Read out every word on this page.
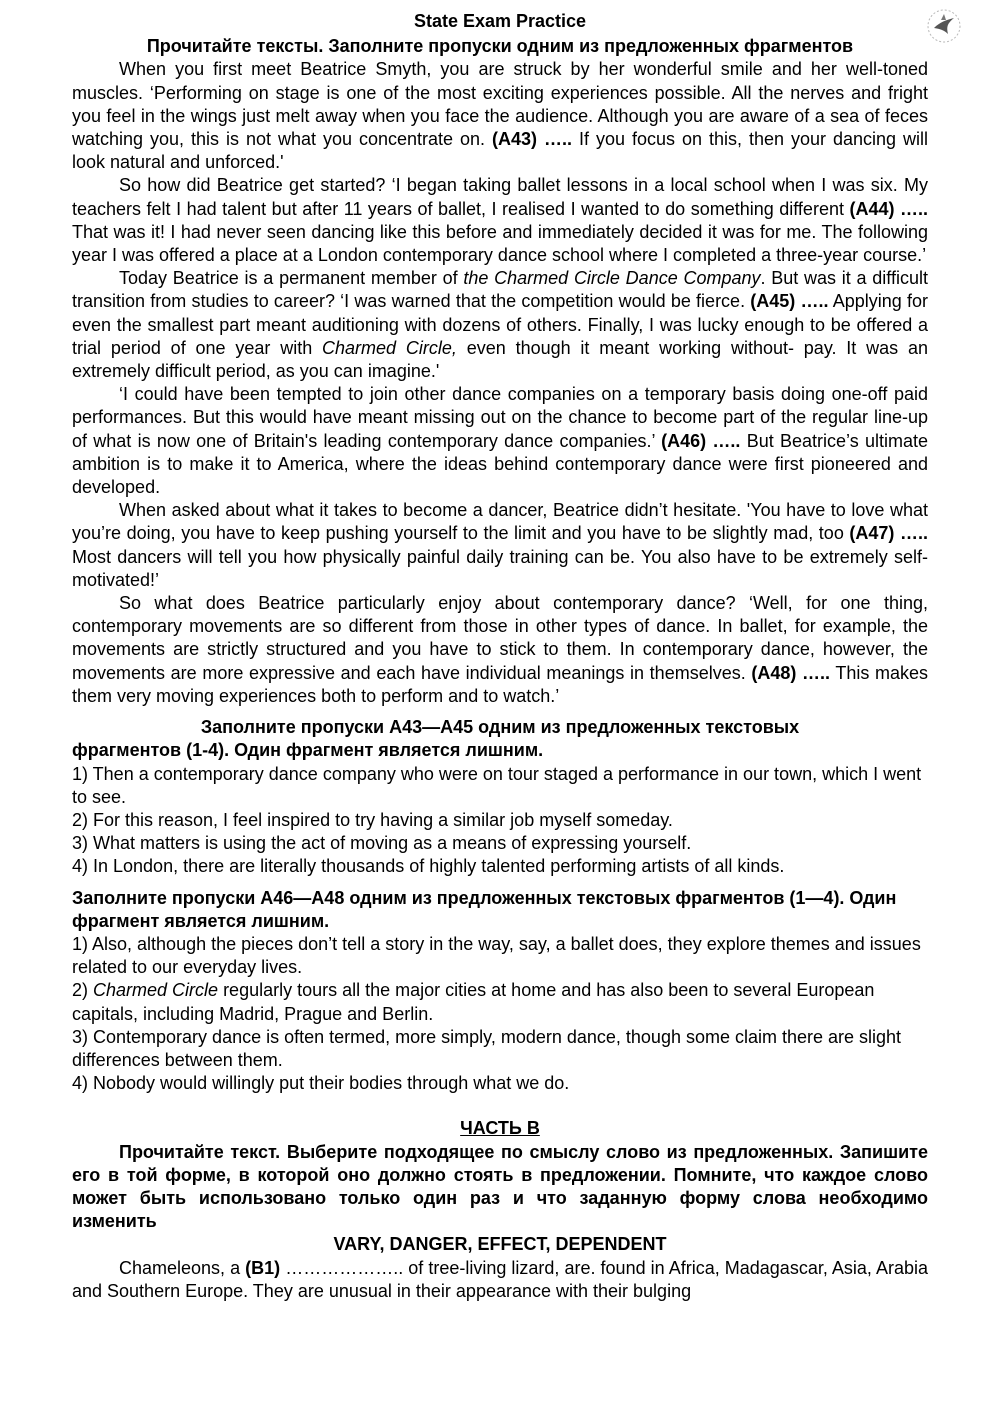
State Exam Practice

Прочитайте тексты. Заполните пропуски одним из предложенных фрагментов

When you first meet Beatrice Smyth, you are struck by her wonderful smile and her well-toned muscles. ‘Performing on stage is one of the most exciting experiences possible. All the nerves and fright you feel in the wings just melt away when you face the audience. Although you are aware of a sea of feces watching you, this is not what you concentrate on. (A43) ….. If you focus on this, then your dancing will look natural and unforced.'

So how did Beatrice get started? ‘I began taking ballet lessons in a local school when I was six. My teachers felt I had talent but after 11 years of ballet, I realised I wanted to do something different (A44) ….. That was it! I had never seen dancing like this before and immediately decided it was for me. The following year I was offered a place at a London contemporary dance school where I completed a three-year course.’

Today Beatrice is a permanent member of the Charmed Circle Dance Company. But was it a difficult transition from studies to career? ‘I was warned that the competition would be fierce. (A45) ….. Applying for even the smallest part meant auditioning with dozens of others. Finally, I was lucky enough to be offered a trial period of one year with Charmed Circle, even though it meant working without- pay. It was an extremely difficult period, as you can imagine.'

‘I could have been tempted to join other dance companies on a temporary basis doing one-off paid performances. But this would have meant missing out on the chance to become part of the regular line-up of what is now one of Britain's leading contemporary dance companies.’ (A46) ….. But Beatrice’s ultimate ambition is to make it to America, where the ideas behind contemporary dance were first pioneered and developed.

When asked about what it takes to become a dancer, Beatrice didn’t hesitate. 'You have to love what you’re doing, you have to keep pushing yourself to the limit and you have to be slightly mad, too (A47) ….. Most dancers will tell you how physically painful daily training can be. You also have to be extremely self-motivated!’

So what does Beatrice particularly enjoy about contemporary dance? ‘Well, for one thing, contemporary movements are so different from those in other types of dance. In ballet, for example, the movements are strictly structured and you have to stick to them. In contemporary dance, however, the movements are more expressive and each have individual meanings in themselves. (A48) ….. This makes them very moving experiences both to perform and to watch.’

Заполните пропуски А43—А45 одним из предложенных текстовых

фрагментов (1-4). Один фрагмент является лишним.

1) Then a contemporary dance company who were on tour staged a performance in our town, which I went to see.

2) For this reason, I feel inspired to try having a similar job myself someday.

3) What matters is using the act of moving as a means of expressing yourself.

4) In London, there are literally thousands of highly talented performing artists of all kinds.

Заполните пропуски А46—А48 одним из предложенных текстовых фрагментов (1—4). Один фрагмент является лишним.

1) Also, although the pieces don’t tell a story in the way, say, a ballet does, they explore themes and issues related to our everyday lives.

2) Charmed Circle regularly tours all the major cities at home and has also been to several European capitals, including Madrid, Prague and Berlin.

3) Contemporary dance is often termed, more simply, modern dance, though some claim there are slight differences between them.

4) Nobody would willingly put their bodies through what we do.

ЧАСТЬ В

Прочитайте текст. Выберите подходящее по смыслу слово из предложенных. Запишите его в той форме, в которой оно должно стоять в предложении. Помните, что каждое слово может быть использовано только один раз и что заданную форму слова необходимо изменить

VARY, DANGER, EFFECT, DEPENDENT

Chameleons, a (B1) ……………….. of tree-living lizard, are. found in Africa, Madagascar, Asia, Arabia and Southern Europe. They are unusual in their appearance with their bulging
